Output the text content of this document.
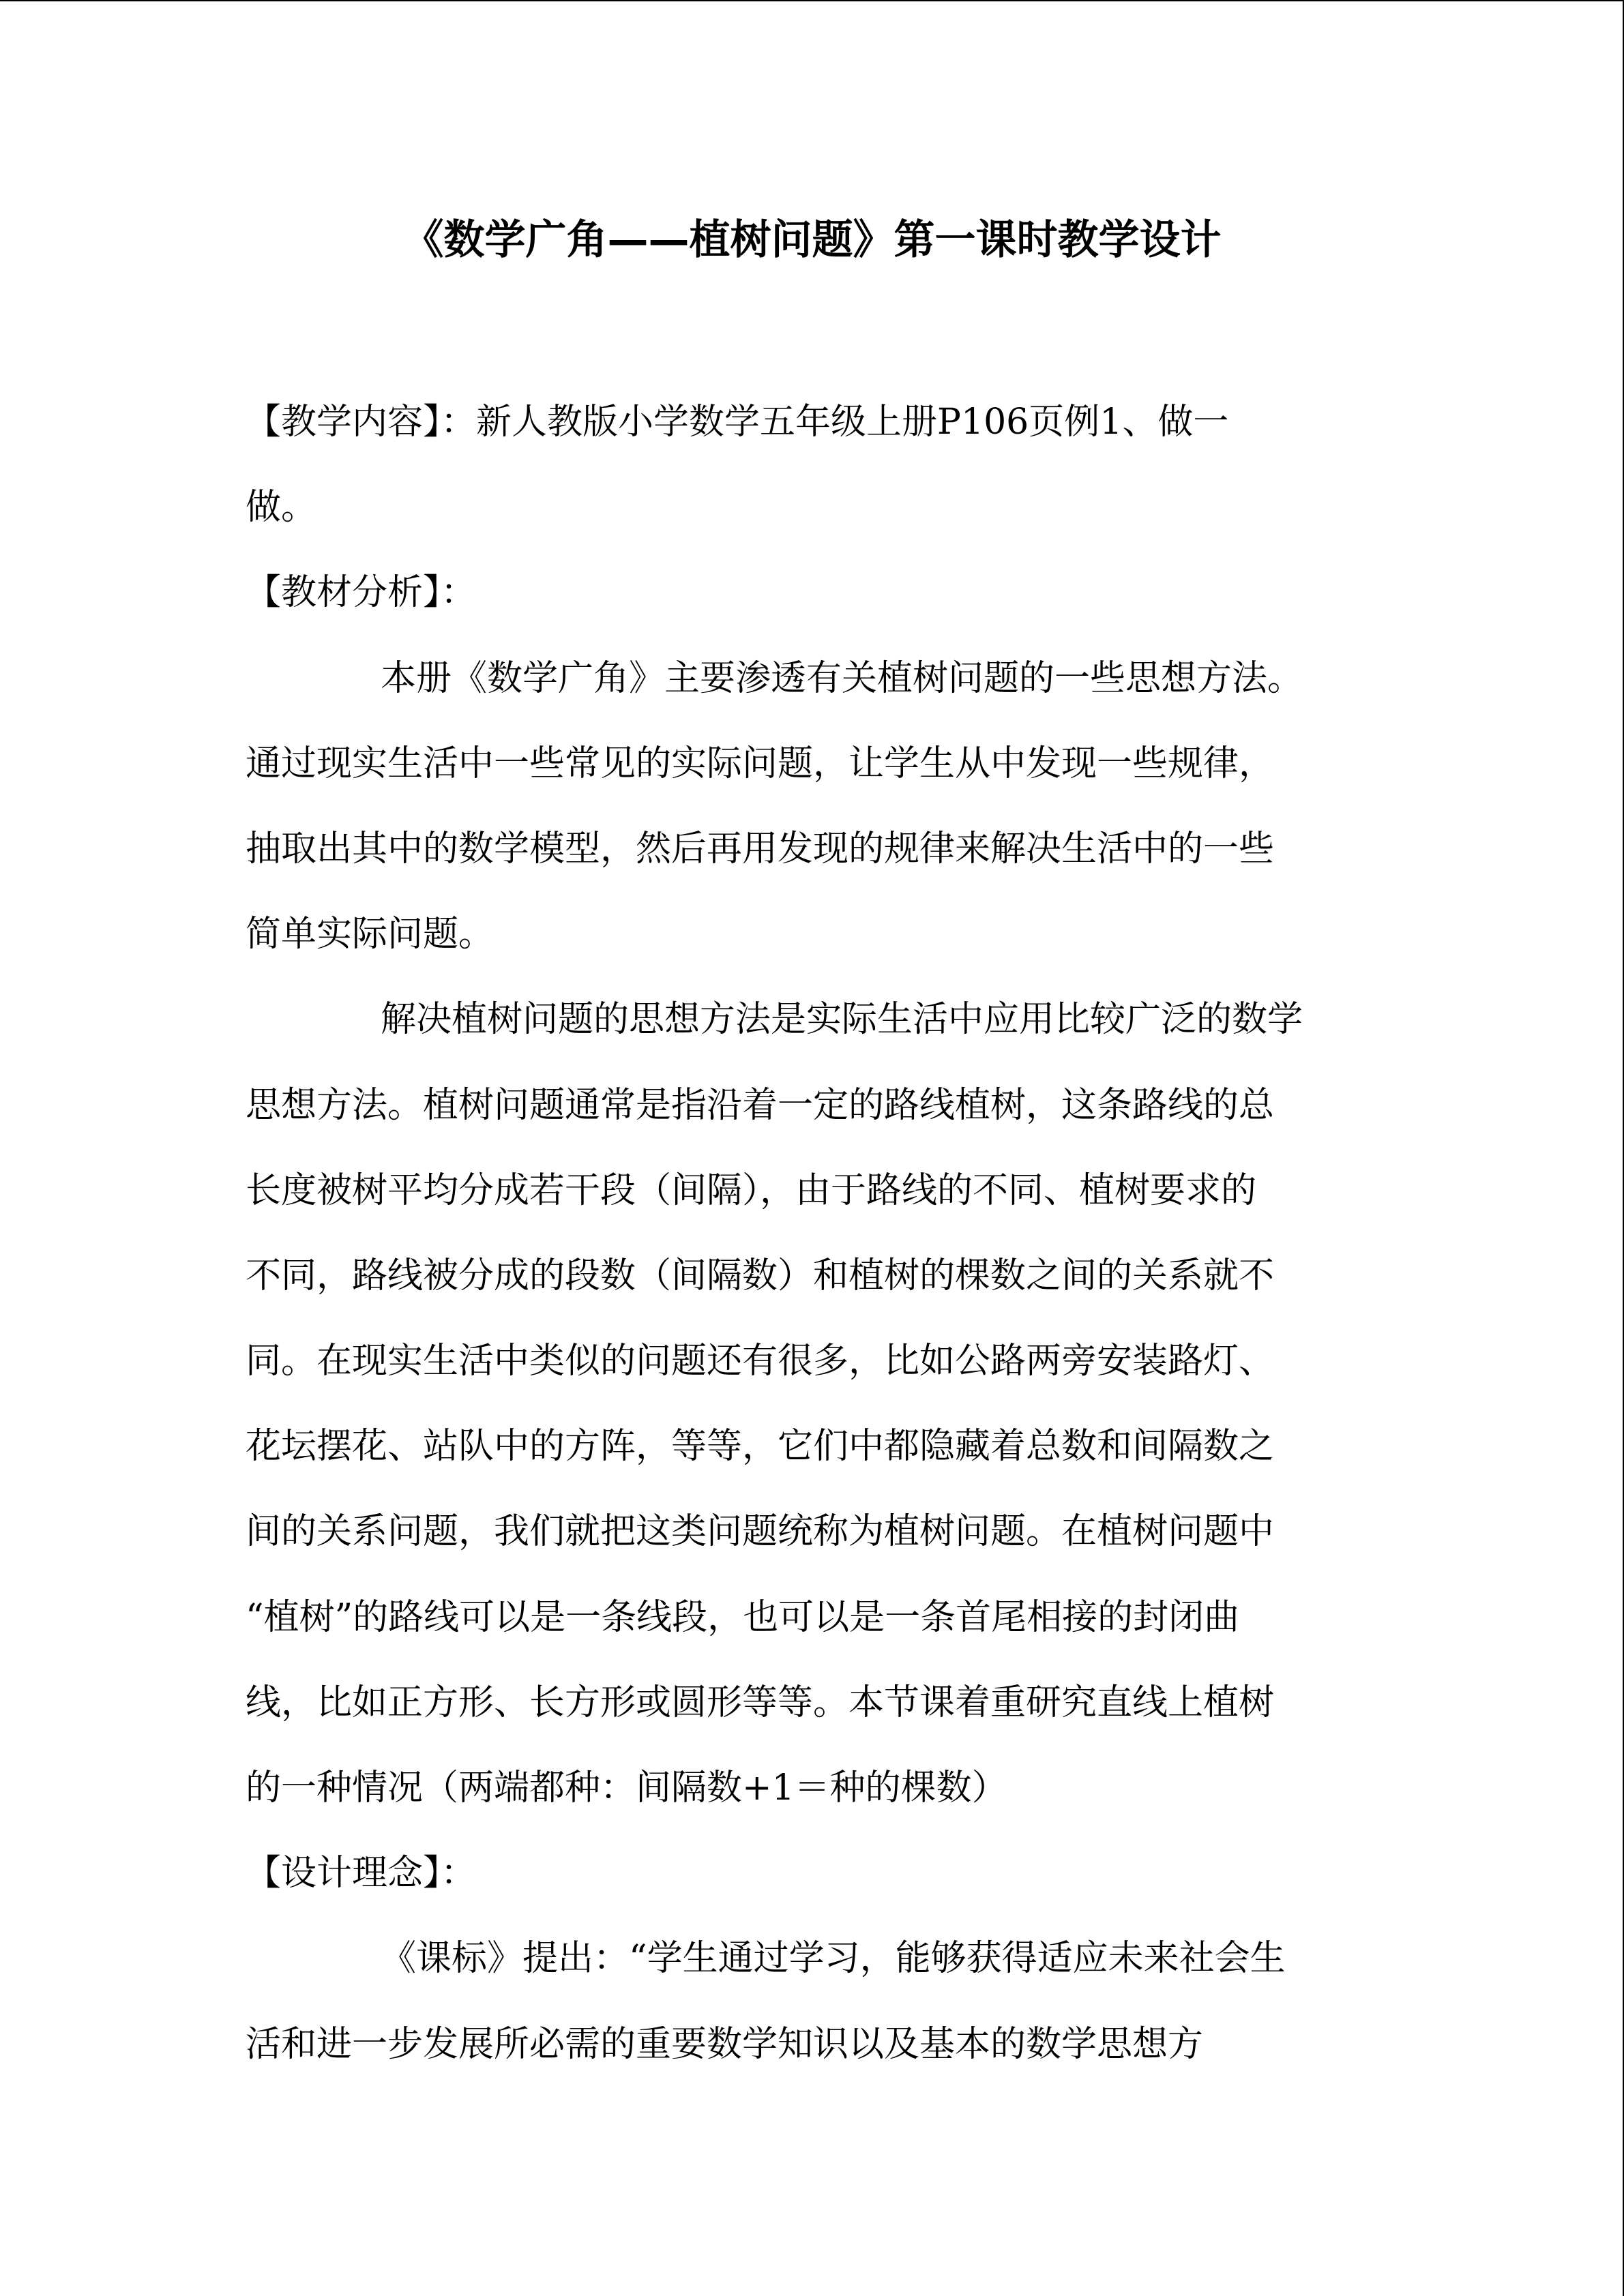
《数学广角——植树问题》第一课时教学设计
【教学内容】：新人教版小学数学五年级上册P106页例1、做一
做。
【教材分析】：
本册《数学广角》主要渗透有关植树问题的一些思想方法。
通过现实生活中一些常见的实际问题，让学生从中发现一些规律，
抽取出其中的数学模型，然后再用发现的规律来解决生活中的一些
简单实际问题。
解决植树问题的思想方法是实际生活中应用比较广泛的数学
思想方法。植树问题通常是指沿着一定的路线植树，这条路线的总
长度被树平均分成若干段（间隔），由于路线的不同、植树要求的
不同，路线被分成的段数（间隔数）和植树的棵数之间的关系就不
同。在现实生活中类似的问题还有很多，比如公路两旁安装路灯、
花坛摆花、站队中的方阵，等等，它们中都隐藏着总数和间隔数之
间的关系问题，我们就把这类问题统称为植树问题。在植树问题中
“植树”的路线可以是一条线段，也可以是一条首尾相接的封闭曲
线，比如正方形、长方形或圆形等等。本节课着重研究直线上植树
的一种情况（两端都种：间隔数+1＝种的棵数）
【设计理念】：
《课标》提出：“学生通过学习，能够获得适应未来社会生
活和进一步发展所必需的重要数学知识以及基本的数学思想方
